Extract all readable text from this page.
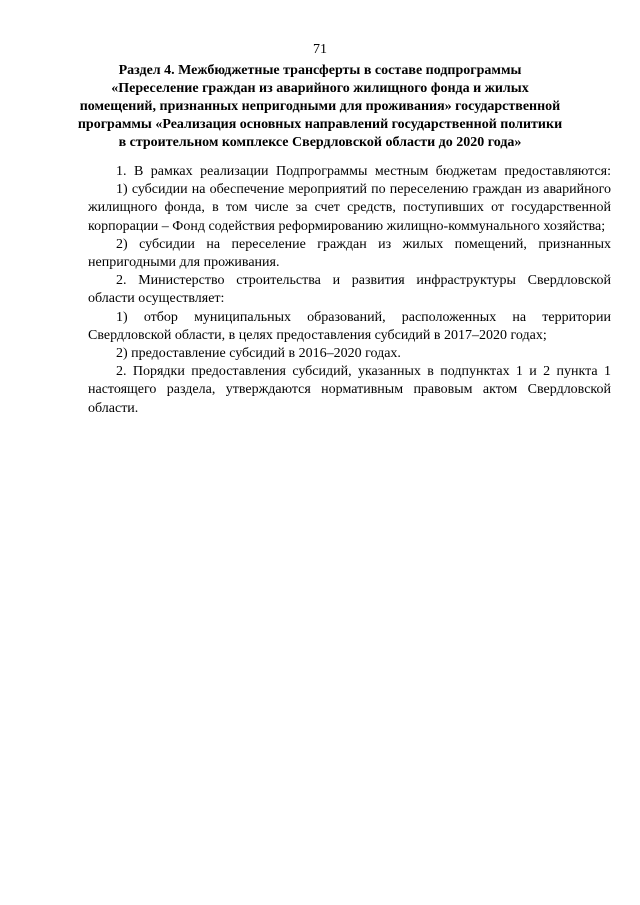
71
Раздел 4. Межбюджетные трансферты в составе подпрограммы «Переселение граждан из аварийного жилищного фонда и жилых помещений, признанных непригодными для проживания» государственной программы «Реализация основных направлений государственной политики в строительном комплексе Свердловской области до 2020 года»

1. В рамках реализации Подпрограммы местным бюджетам предоставляются:

1) субсидии на обеспечение мероприятий по переселению граждан из аварийного жилищного фонда, в том числе за счет средств, поступивших от государственной корпорации – Фонд содействия реформированию жилищно-коммунального хозяйства;

2) субсидии на переселение граждан из жилых помещений, признанных непригодными для проживания.

2. Министерство строительства и развития инфраструктуры Свердловской области осуществляет:

1) отбор муниципальных образований, расположенных на территории Свердловской области, в целях предоставления субсидий в 2017–2020 годах;

2) предоставление субсидий в 2016–2020 годах.

2. Порядки предоставления субсидий, указанных в подпунктах 1 и 2 пункта 1 настоящего раздела, утверждаются нормативным правовым актом Свердловской области.
